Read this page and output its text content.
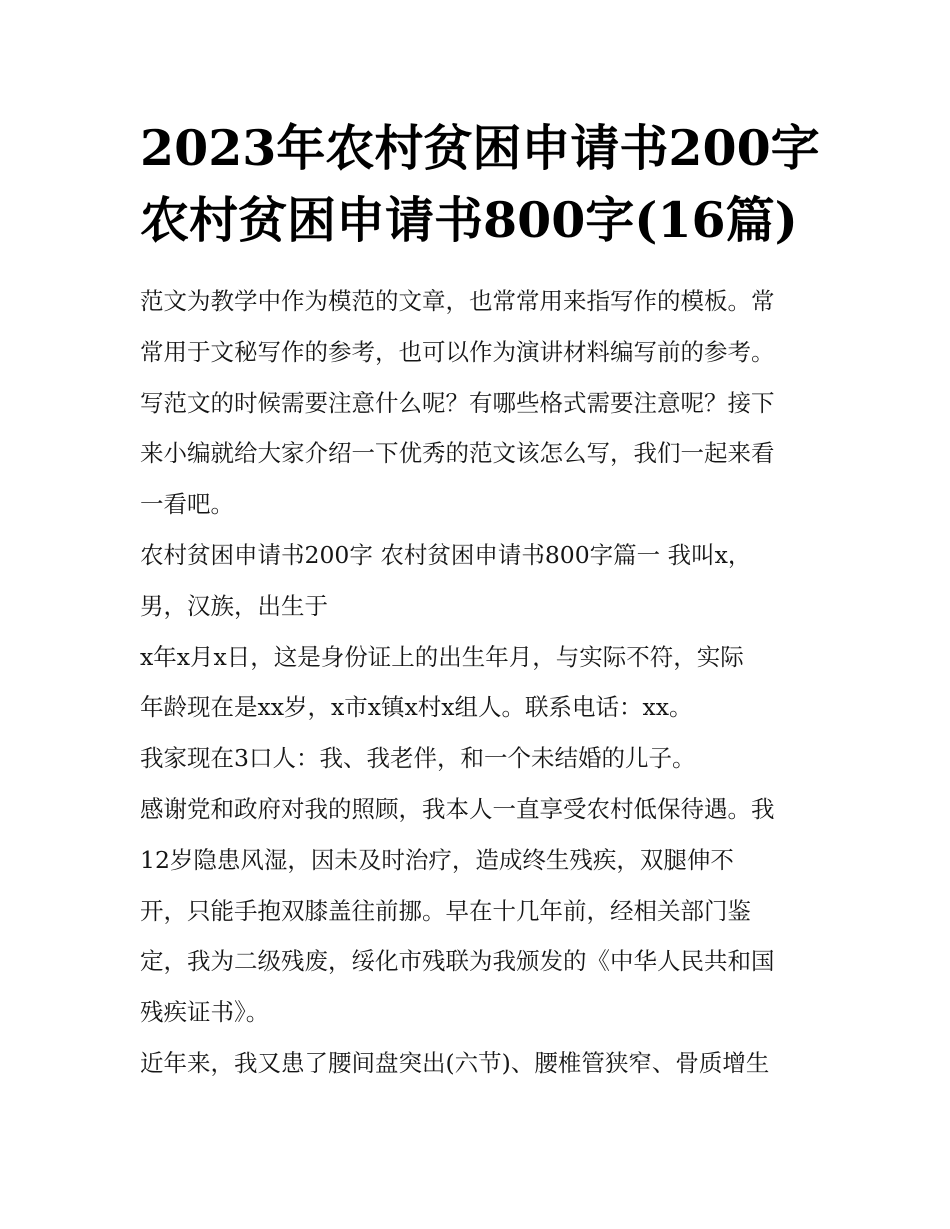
2023年农村贫困申请书200字
农村贫困申请书800字(16篇)
范文为教学中作为模范的文章，也常常用来指写作的模板。常
常用于文秘写作的参考，也可以作为演讲材料编写前的参考。
写范文的时候需要注意什么呢？有哪些格式需要注意呢？接下
来小编就给大家介绍一下优秀的范文该怎么写，我们一起来看
一看吧。
农村贫困申请书200字 农村贫困申请书800字篇一 我叫x，
男，汉族，出生于
x年x月x日，这是身份证上的出生年月，与实际不符，实际
年龄现在是xx岁，x市x镇x村x组人。联系电话：xx。
我家现在3口人：我、我老伴，和一个未结婚的儿子。
感谢党和政府对我的照顾，我本人一直享受农村低保待遇。我
12岁隐患风湿，因未及时治疗，造成终生残疾，双腿伸不
开，只能手抱双膝盖往前挪。早在十几年前，经相关部门鉴
定，我为二级残废，绥化市残联为我颁发的《中华人民共和国
残疾证书》。
近年来，我又患了腰间盘突出(六节)、腰椎管狭窄、骨质增生
